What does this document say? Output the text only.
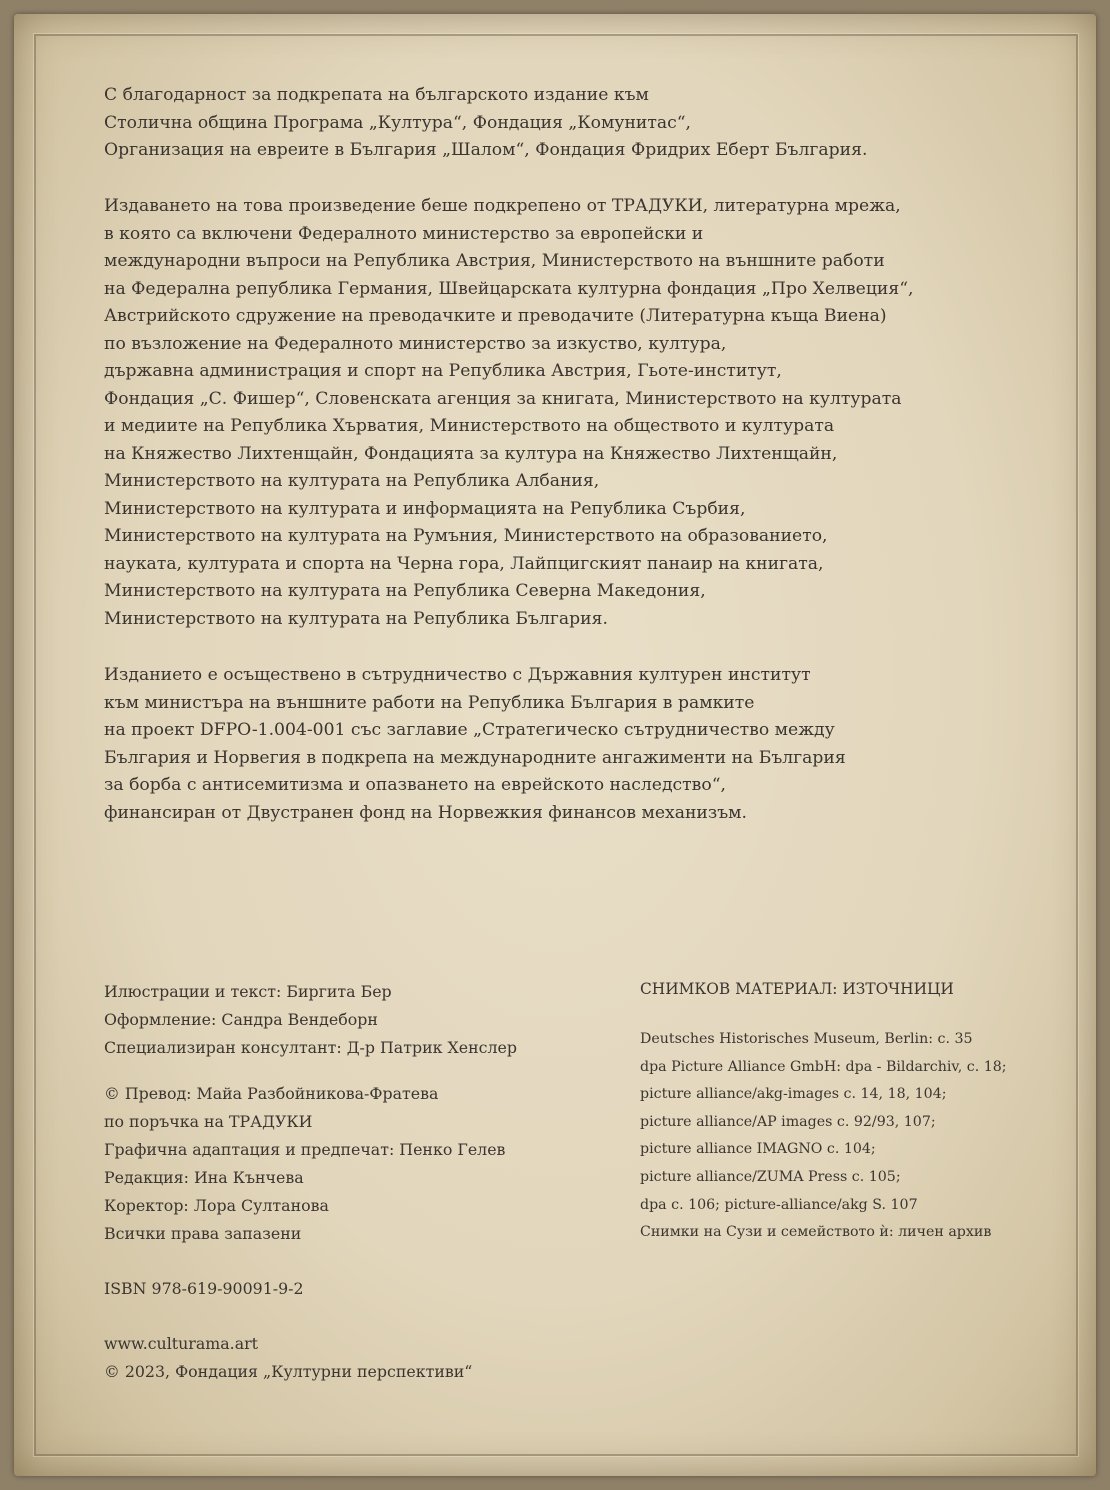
С благодарност за подкрепата на българското издание към
Столична община Програма „Култура“, Фондация „Комунитас“,
Организация на евреите в България „Шалом“, Фондация Фридрих Еберт България.
Издаването на това произведение беше подкрепено от ТРАДУКИ, литературна мрежа,
в която са включени Федералното министерство за европейски и
международни въпроси на Република Австрия, Министерството на външните работи
на Федерална република Германия, Швейцарската културна фондация „Про Хелвеция“,
Австрийското сдружение на преводачките и преводачите (Литературна къща Виена)
по възложение на Федералното министерство за изкуство, култура,
държавна администрация и спорт на Република Австрия, Гьоте-институт,
Фондация „С. Фишер“, Словенската агенция за книгата, Министерството на културата
и медиите на Република Хърватия, Министерството на обществото и културата
на Княжество Лихтенщайн, Фондацията за култура на Княжество Лихтенщайн,
Министерството на културата на Република Албания,
Министерството на културата и информацията на Република Сърбия,
Министерството на културата на Румъния, Министерството на образованието,
науката, културата и спорта на Черна гора, Лайпцигският панаир на книгата,
Министерството на културата на Република Северна Македония,
Министерството на културата на Република България.
Изданието е осъществено в сътрудничество с Държавния културен институт
към министъра на външните работи на Република България в рамките
на проект DFPO-1.004-001 със заглавие „Стратегическо сътрудничество между
България и Норвегия в подкрепа на международните ангажименти на България
за борба с антисемитизма и опазването на еврейското наследство“,
финансиран от Двустранен фонд на Норвежкия финансов механизъм.
Илюстрации и текст: Биргита Бер
Оформление: Сандра Вендеборн
Специализиран консултант: Д-р Патрик Хенслер
© Превод: Майа Разбойникова-Фратева
по поръчка на ТРАДУКИ
Графична адаптация и предпечат: Пенко Гелев
Редакция: Ина Кънчева
Коректор: Лора Султанова
Всички права запазени
ISBN 978-619-90091-9-2
www.culturama.art
© 2023, Фондация „Културни перспективи“
СНИМКОВ МАТЕРИАЛ: ИЗТОЧНИЦИ
Deutsches Historisches Museum, Berlin: с. 35
dpa Picture Alliance GmbH: dpa - Bildarchiv, с. 18;
picture alliance/akg-images с. 14, 18, 104;
picture alliance/AP images с. 92/93, 107;
picture alliance IMAGNO с. 104;
picture alliance/ZUMA Press с. 105;
dpa с. 106; picture-alliance/akg S. 107
Снимки на Сузи и семейството ѝ: личен архив
